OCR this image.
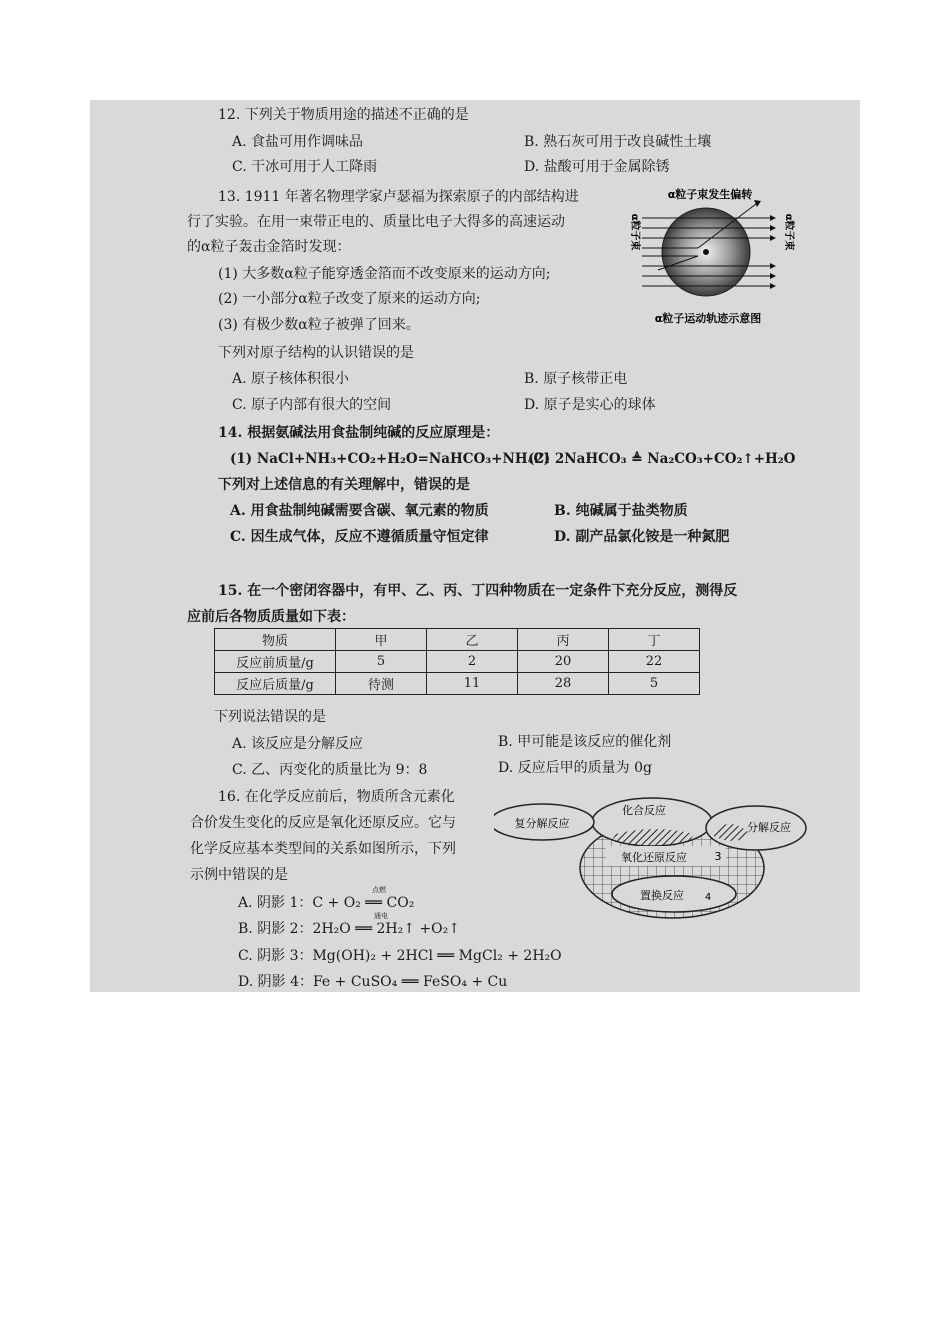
12. 下列关于物质用途的描述不正确的是
A. 食盐可用作调味品	B. 熟石灰可用于改良碱性土壤
C. 干冰可用于人工降雨	D. 盐酸可用于金属除锈
13. 1911 年著名物理学家卢瑟福为探索原子的内部结构进
行了实验。在用一束带正电的、质量比电子大得多的高速运动
的α粒子轰击金箔时发现：
(1) 大多数α粒子能穿透金箔而不改变原来的运动方向;
(2) 一小部分α粒子改变了原来的运动方向;
(3) 有极少数α粒子被弹了回来。
下列对原子结构的认识错误的是
A. 原子核体积很小	B. 原子核带正电
C. 原子内部有很大的空间	D. 原子是实心的球体
α粒子束发生偏转
α粒子束	α粒子束
α粒子运动轨迹示意图
14. 根据氨碱法用食盐制纯碱的反应原理是：
(1) NaCl+NH₃+CO₂+H₂O=NaHCO₃+NH₄Cl
(2) 2NaHCO₃ ≜ Na₂CO₃+CO₂↑+H₂O
下列对上述信息的有关理解中，错误的是
A. 用食盐制纯碱需要含碳、氧元素的物质	B. 纯碱属于盐类物质
C. 因生成气体，反应不遵循质量守恒定律	D. 副产品氯化铵是一种氮肥
15. 在一个密闭容器中，有甲、乙、丙、丁四种物质在一定条件下充分反应，测得反
应前后各物质质量如下表：
物质	甲	乙	丙	丁
反应前质量/g	5	2	20	22
反应后质量/g	待测	11	28	5
下列说法错误的是
A. 该反应是分解反应	B. 甲可能是该反应的催化剂
C. 乙、丙变化的质量比为 9：8	D. 反应后甲的质量为 0g
16. 在化学反应前后，物质所含元素化
合价发生变化的反应是氧化还原反应。它与
化学反应基本类型间的关系如图所示，下列
示例中错误的是
A. 阴影 1：C + O₂ ══ CO₂
点燃
B. 阴影 2：2H₂O ══ 2H₂↑ +O₂↑
通电
C. 阴影 3：Mg(OH)₂ + 2HCl ══ MgCl₂ + 2H₂O
D. 阴影 4：Fe + CuSO₄ ══ FeSO₄ + Cu
复分解反应
化合反应
分解反应
氧化还原反应	3
置换反应 4
